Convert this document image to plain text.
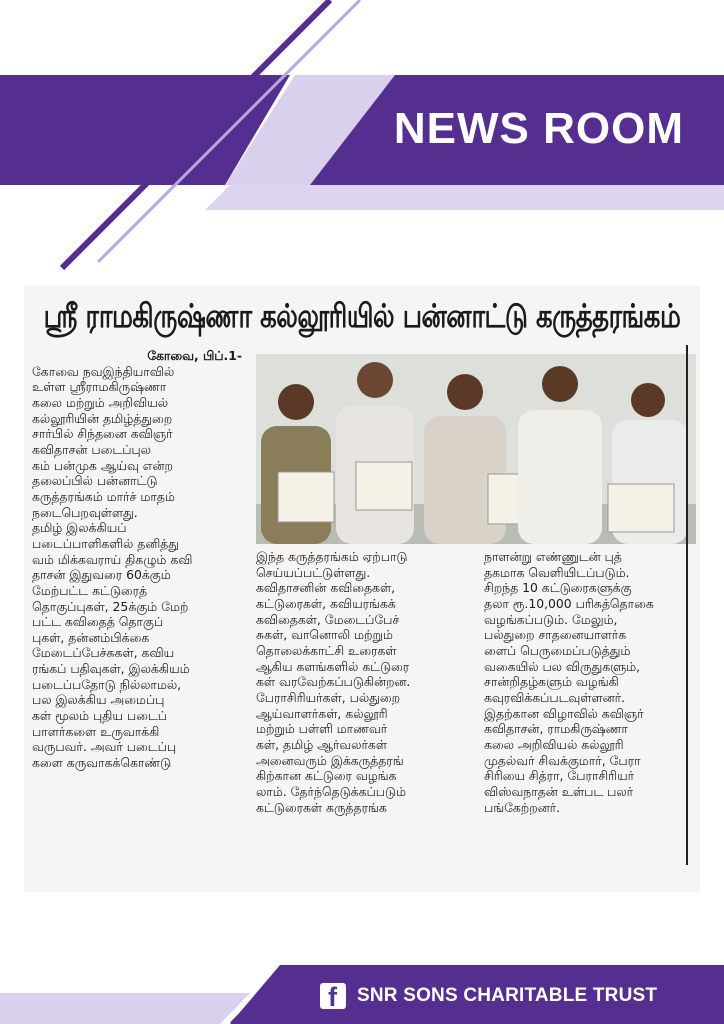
NEWS ROOM
ஸ்ரீ ராமகிருஷ்ணா கல்லூரியில் பன்னாட்டு கருத்தரங்கம்
கோவை, பிப்.1-
கோவை நவஇந்தியாவில்
உள்ள ஸ்ரீராமகிருஷ்ணா
கலை மற்றும் அறிவியல்
கல்லூரியின் தமிழ்த்துறை
சார்பில் சிந்தனை கவிஞர்
கவிதாசன் படைப்புல
கம் பன்முக ஆய்வு என்ற
தலைப்பில் பன்னாட்டு
கருத்தரங்கம் மார்ச் மாதம்
நடைபெறவுள்ளது.
தமிழ் இலக்கியப்
படைப்பாளிகளில் தனித்து
வம் மிக்கவராய் திகழும் கவி
தாசன் இதுவரை 60க்கும்
மேற்பட்ட கட்டுரைத்
தொகுப்புகள், 25க்கும் மேற்
பட்ட கவிதைத் தொகுப்
புகள், தன்னம்பிக்கை
மேடைப்பேச்சுகள், கவிய
ரங்கப் பதிவுகள், இலக்கியம்
படைப்பதோடு நில்லாமல்,
பல இலக்கிய அமைப்பு
கள் மூலம் புதிய படைப்
பாளர்களை உருவாக்கி
வருபவர். அவர் படைப்பு
களை கருவாகக்கொண்டு
இந்த கருத்தரங்கம் ஏற்பாடு
செய்யப்பட்டுள்ளது.
கவிதாசனின் கவிதைகள்,
கட்டுரைகள், கவியரங்கக்
கவிதைகள், மேடைப்பேச்
சுகள், வானொலி மற்றும்
தொலைக்காட்சி உரைகள்
ஆகிய களங்களில் கட்டுரை
கள் வரவேற்கப்படுகின்றன.
பேராசிரியர்கள், பல்துறை
ஆய்வாளர்கள், கல்லூரி
மற்றும் பள்ளி மாணவர்
கள், தமிழ் ஆர்வலர்கள்
அனைவரும் இக்கருத்தரங்
கிற்கான கட்டுரை வழங்க
லாம். தேர்ந்தெடுக்கப்படும்
கட்டுரைகள் கருத்தரங்க
நாளன்று எண்ணுடன் புத்
தகமாக வெளியிடப்படும்.
சிறந்த 10 கட்டுரைகளுக்கு
தலா ரூ.10,000 பரிசுத்தொகை
வழங்கப்படும். மேலும்,
பல்துறை சாதனையாளர்க
ளைப் பெருமைப்படுத்தும்
வகையில் பல விருதுகளும்,
சான்றிதழ்களும் வழங்கி
கவுரவிக்கப்படவுள்ளனர்.
இதற்கான விழாவில் கவிஞர்
கவிதாசன், ராமகிருஷ்ணா
கலை அறிவியல் கல்லூரி
முதல்வர் சிவக்குமார், பேரா
சிரியை சித்ரா, பேராசிரியர்
விஸ்வநாதன் உள்பட பலர்
பங்கேற்றனர்.
f SNR SONS CHARITABLE TRUST
